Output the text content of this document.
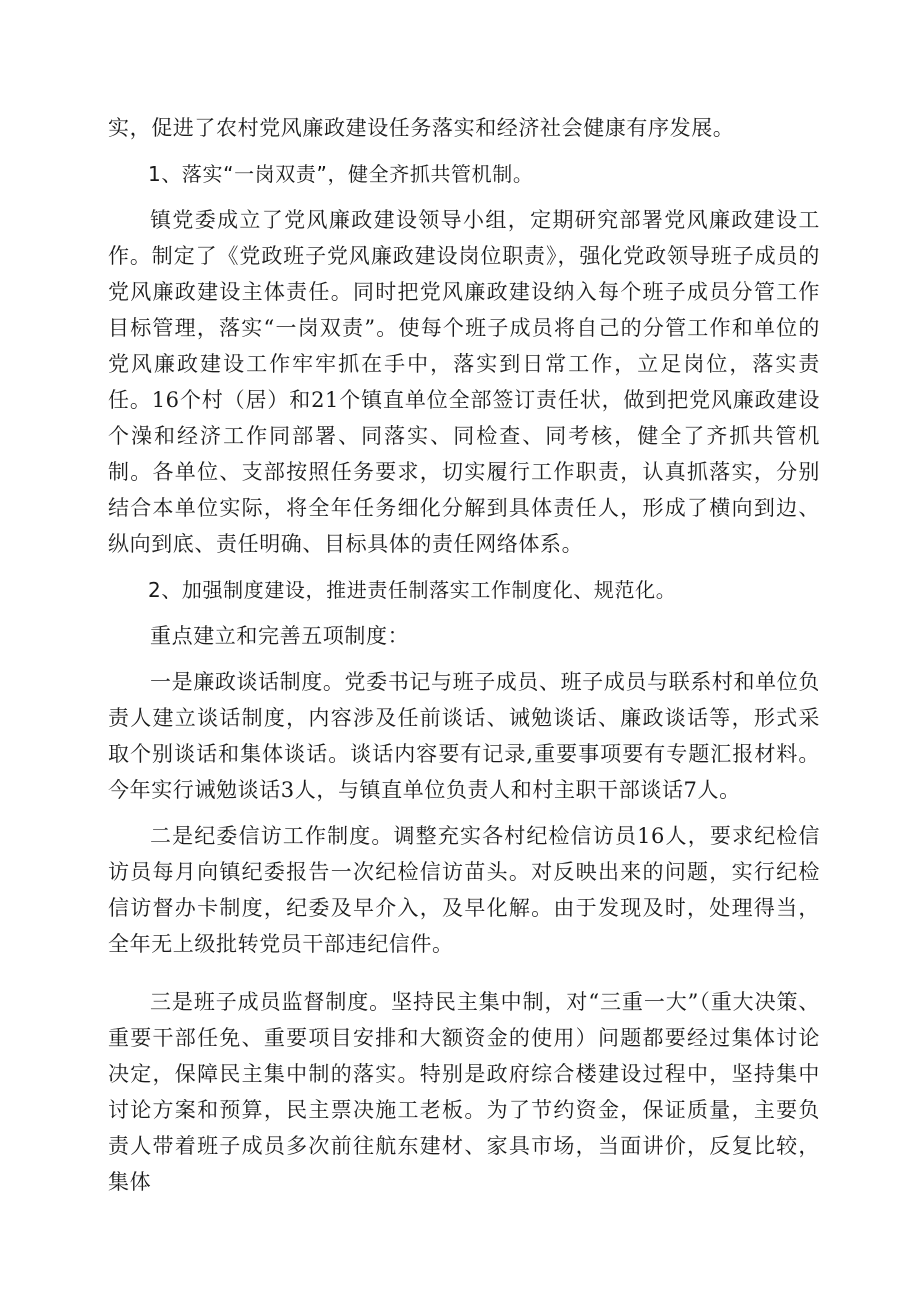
实，促进了农村党风廉政建设任务落实和经济社会健康有序发展。

1、落实“一岗双责”，健全齐抓共管机制。

镇党委成立了党风廉政建设领导小组，定期研究部署党风廉政建设工作。制定了《党政班子党风廉政建设岗位职责》，强化党政领导班子成员的党风廉政建设主体责任。同时把党风廉政建设纳入每个班子成员分管工作目标管理，落实“一岗双责”。使每个班子成员将自己的分管工作和单位的党风廉政建设工作牢牢抓在手中，落实到日常工作，立足岗位，落实责任。16个村（居）和21个镇直单位全部签订责任状，做到把党风廉政建设个澡和经济工作同部署、同落实、同检查、同考核，健全了齐抓共管机制。各单位、支部按照任务要求，切实履行工作职责，认真抓落实，分别结合本单位实际，将全年任务细化分解到具体责任人，形成了横向到边、纵向到底、责任明确、目标具体的责任网络体系。

2、加强制度建设，推进责任制落实工作制度化、规范化。

重点建立和完善五项制度：

一是廉政谈话制度。党委书记与班子成员、班子成员与联系村和单位负责人建立谈话制度，内容涉及任前谈话、诫勉谈话、廉政谈话等，形式采取个别谈话和集体谈话。谈话内容要有记录,重要事项要有专题汇报材料。今年实行诫勉谈话3人，与镇直单位负责人和村主职干部谈话7人。

二是纪委信访工作制度。调整充实各村纪检信访员16人，要求纪检信访员每月向镇纪委报告一次纪检信访苗头。对反映出来的问题，实行纪检信访督办卡制度，纪委及早介入，及早化解。由于发现及时，处理得当，全年无上级批转党员干部违纪信件。

三是班子成员监督制度。坚持民主集中制，对“三重一大”（重大决策、重要干部任免、重要项目安排和大额资金的使用）问题都要经过集体讨论决定，保障民主集中制的落实。特别是政府综合楼建设过程中，坚持集中讨论方案和预算，民主票决施工老板。为了节约资金，保证质量，主要负责人带着班子成员多次前往航东建材、家具市场，当面讲价，反复比较，集体
